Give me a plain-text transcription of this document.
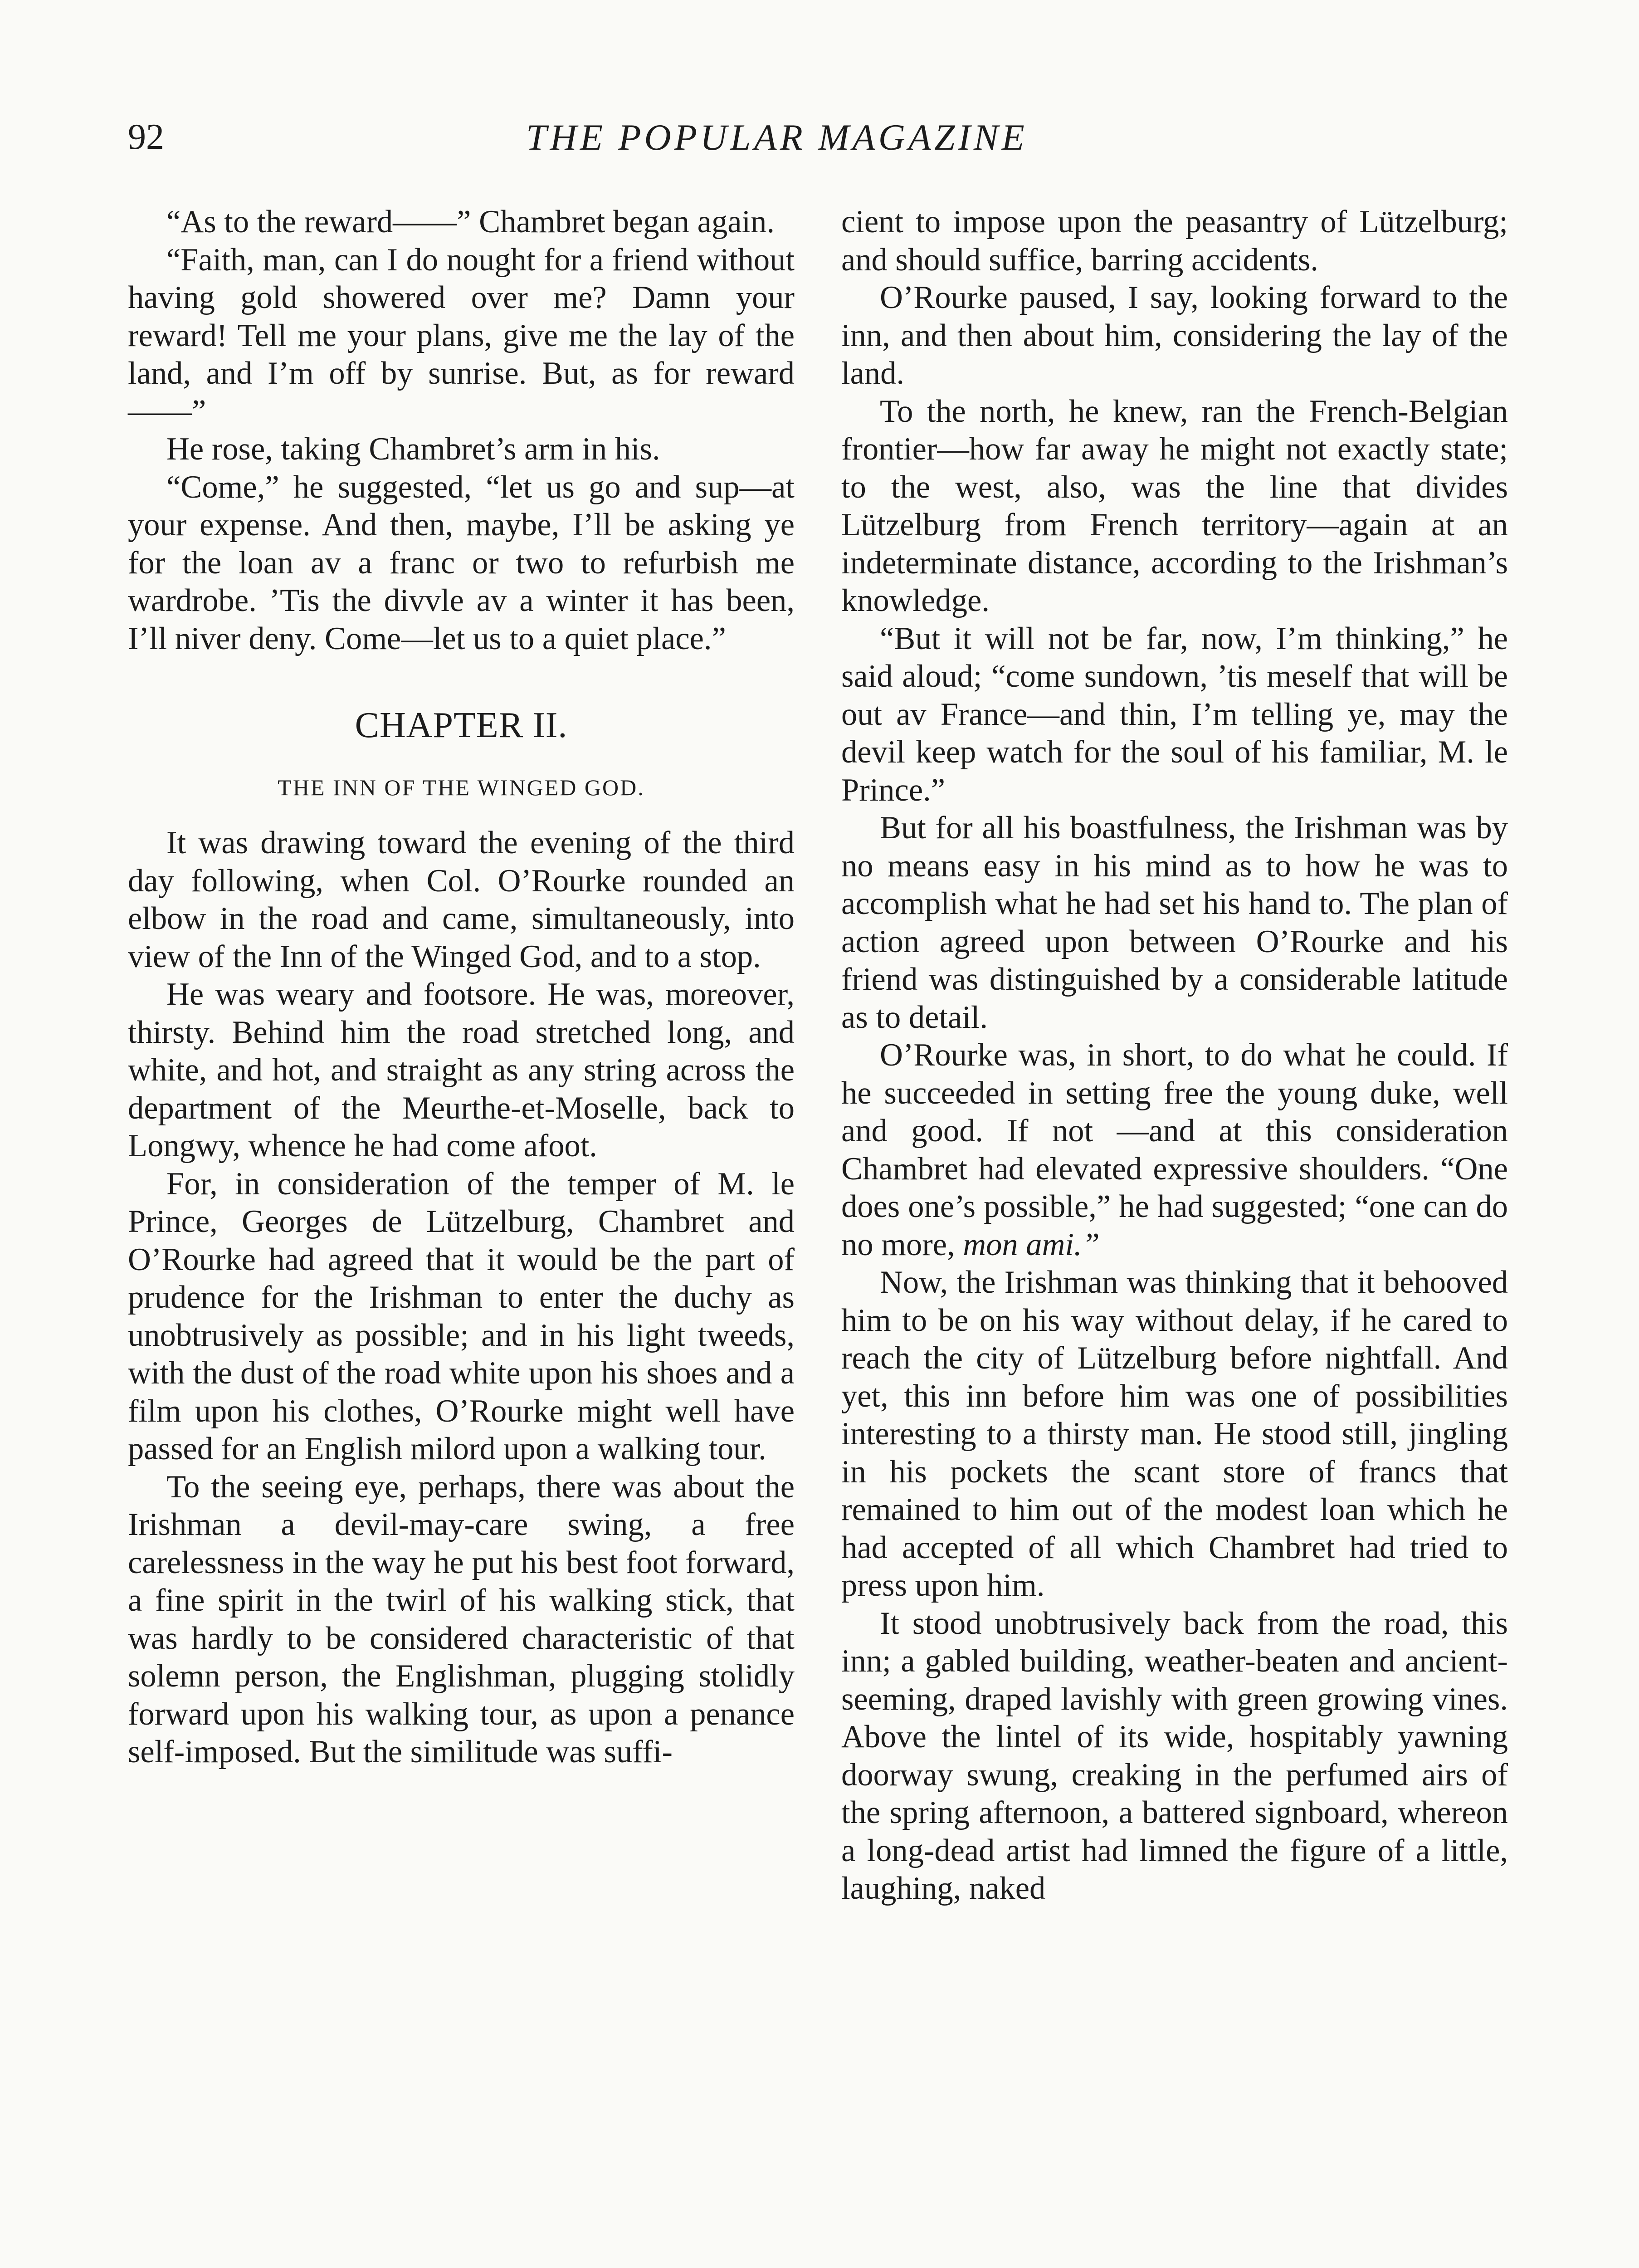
92	THE POPULAR MAGAZINE

“As to the reward——” Chambret began again.

“Faith, man, can I do nought for a friend without having gold showered over me? Damn your reward! Tell me your plans, give me the lay of the land, and I’m off by sunrise. But, as for reward——”

He rose, taking Chambret’s arm in his.

“Come,” he suggested, “let us go and sup—at your expense. And then, maybe, I’ll be asking ye for the loan av a franc or two to refurbish me wardrobe. ’Tis the divvle av a winter it has been, I’ll niver deny. Come—let us to a quiet place.”

CHAPTER II.
THE INN OF THE WINGED GOD.

It was drawing toward the evening of the third day following, when Col. O’Rourke rounded an elbow in the road and came, simultaneously, into view of the Inn of the Winged God, and to a stop.

He was weary and footsore. He was, moreover, thirsty. Behind him the road stretched long, and white, and hot, and straight as any string across the department of the Meurthe-et-Moselle, back to Longwy, whence he had come afoot.

For, in consideration of the temper of M. le Prince, Georges de Lützelburg, Chambret and O’Rourke had agreed that it would be the part of prudence for the Irishman to enter the duchy as unobtrusively as possible; and in his light tweeds, with the dust of the road white upon his shoes and a film upon his clothes, O’Rourke might well have passed for an English milord upon a walking tour.

To the seeing eye, perhaps, there was about the Irishman a devil-may-care swing, a free carelessness in the way he put his best foot forward, a fine spirit in the twirl of his walking stick, that was hardly to be considered characteristic of that solemn person, the Englishman, plugging stolidly forward upon his walking tour, as upon a penance self-imposed. But the similitude was suffi-

cient to impose upon the peasantry of Lützelburg; and should suffice, barring accidents.

O’Rourke paused, I say, looking forward to the inn, and then about him, considering the lay of the land.

To the north, he knew, ran the French-Belgian frontier—how far away he might not exactly state; to the west, also, was the line that divides Lützelburg from French territory—again at an indeterminate distance, according to the Irishman’s knowledge.

“But it will not be far, now, I’m thinking,” he said aloud; “come sundown, ’tis meself that will be out av France—and thin, I’m telling ye, may the devil keep watch for the soul of his familiar, M. le Prince.”

But for all his boastfulness, the Irishman was by no means easy in his mind as to how he was to accomplish what he had set his hand to. The plan of action agreed upon between O’Rourke and his friend was distinguished by a considerable latitude as to detail.

O’Rourke was, in short, to do what he could. If he succeeded in setting free the young duke, well and good. If not —and at this consideration Chambret had elevated expressive shoulders. “One does one’s possible,” he had suggested; “one can do no more, mon ami.”

Now, the Irishman was thinking that it behooved him to be on his way without delay, if he cared to reach the city of Lützelburg before nightfall. And yet, this inn before him was one of possibilities interesting to a thirsty man. He stood still, jingling in his pockets the scant store of francs that remained to him out of the modest loan which he had accepted of all which Chambret had tried to press upon him.

It stood unobtrusively back from the road, this inn; a gabled building, weather-beaten and ancient-seeming, draped lavishly with green growing vines. Above the lintel of its wide, hospitably yawning doorway swung, creaking in the perfumed airs of the spring afternoon, a battered signboard, whereon a long-dead artist had limned the figure of a little, laughing, naked
